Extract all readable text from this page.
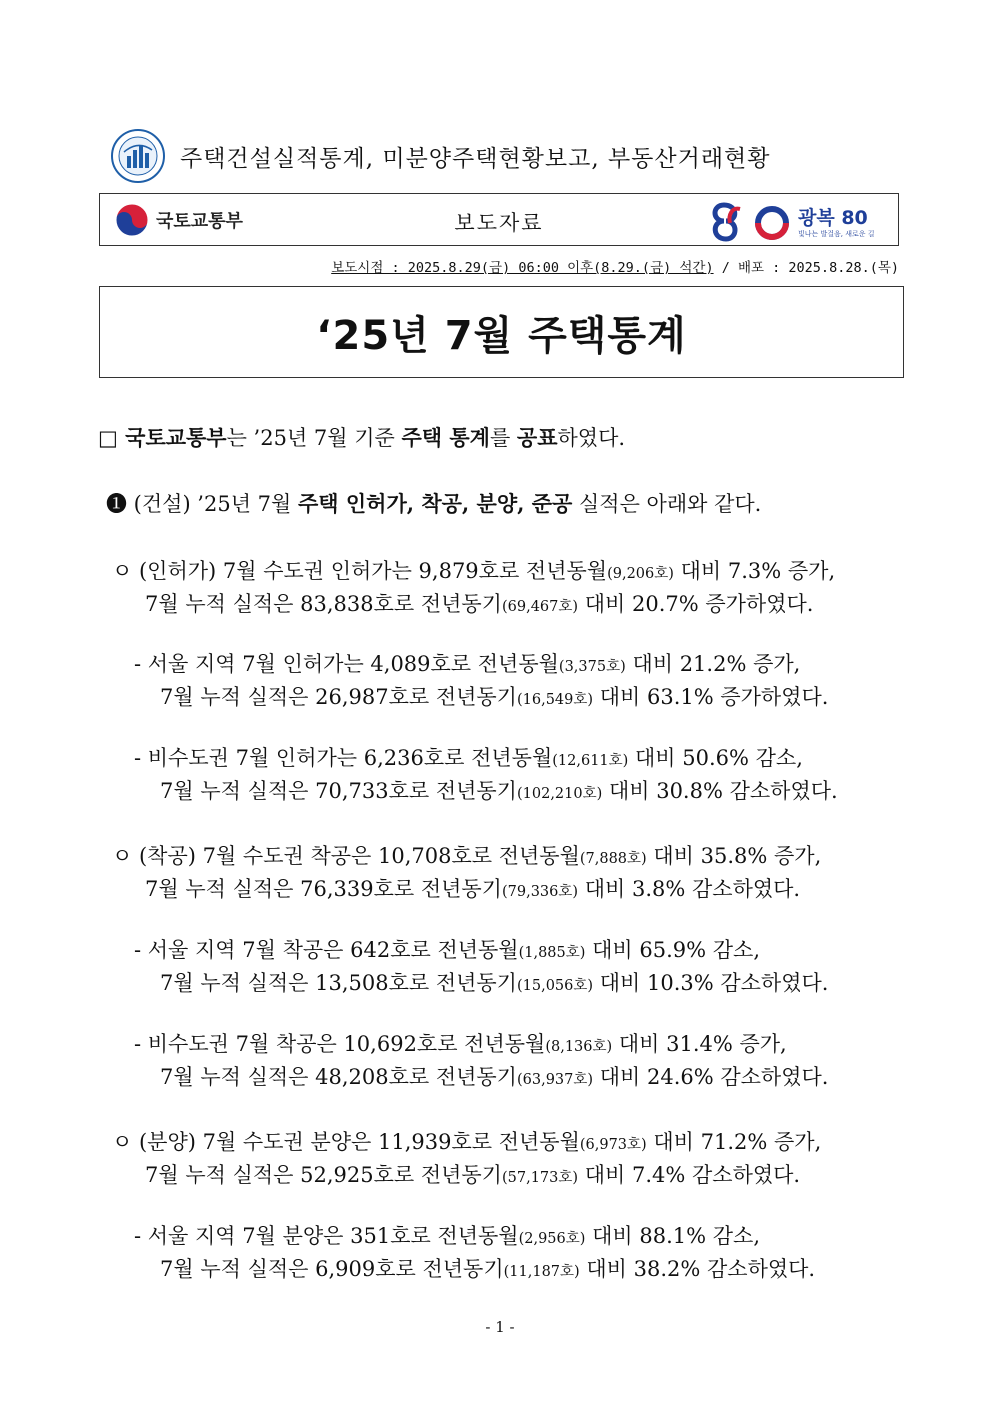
주택건설실적통계, 미분양주택현황보고, 부동산거래현황
국토교통부	보도자료	광복 80
빛나는 발걸음, 새로운 길
보도시점 : 2025.8.29(금) 06:00 이후(8.29.(금) 석간) / 배포 : 2025.8.28.(목)
‘25년 7월 주택통계
□ 국토교통부는 ’25년 7월 기준 주택 통계를 공표하였다.
❶ (건설) ’25년 7월 주택 인허가, 착공, 분양, 준공 실적은 아래와 같다.
ㅇ (인허가) 7월 수도권 인허가는 9,879호로 전년동월(9,206호) 대비 7.3% 증가,
7월 누적 실적은 83,838호로 전년동기(69,467호) 대비 20.7% 증가하였다.
- 서울 지역 7월 인허가는 4,089호로 전년동월(3,375호) 대비 21.2% 증가,
7월 누적 실적은 26,987호로 전년동기(16,549호) 대비 63.1% 증가하였다.
- 비수도권 7월 인허가는 6,236호로 전년동월(12,611호) 대비 50.6% 감소,
7월 누적 실적은 70,733호로 전년동기(102,210호) 대비 30.8% 감소하였다.
ㅇ (착공) 7월 수도권 착공은 10,708호로 전년동월(7,888호) 대비 35.8% 증가,
7월 누적 실적은 76,339호로 전년동기(79,336호) 대비 3.8% 감소하였다.
- 서울 지역 7월 착공은 642호로 전년동월(1,885호) 대비 65.9% 감소,
7월 누적 실적은 13,508호로 전년동기(15,056호) 대비 10.3% 감소하였다.
- 비수도권 7월 착공은 10,692호로 전년동월(8,136호) 대비 31.4% 증가,
7월 누적 실적은 48,208호로 전년동기(63,937호) 대비 24.6% 감소하였다.
ㅇ (분양) 7월 수도권 분양은 11,939호로 전년동월(6,973호) 대비 71.2% 증가,
7월 누적 실적은 52,925호로 전년동기(57,173호) 대비 7.4% 감소하였다.
- 서울 지역 7월 분양은 351호로 전년동월(2,956호) 대비 88.1% 감소,
7월 누적 실적은 6,909호로 전년동기(11,187호) 대비 38.2% 감소하였다.
- 1 -
